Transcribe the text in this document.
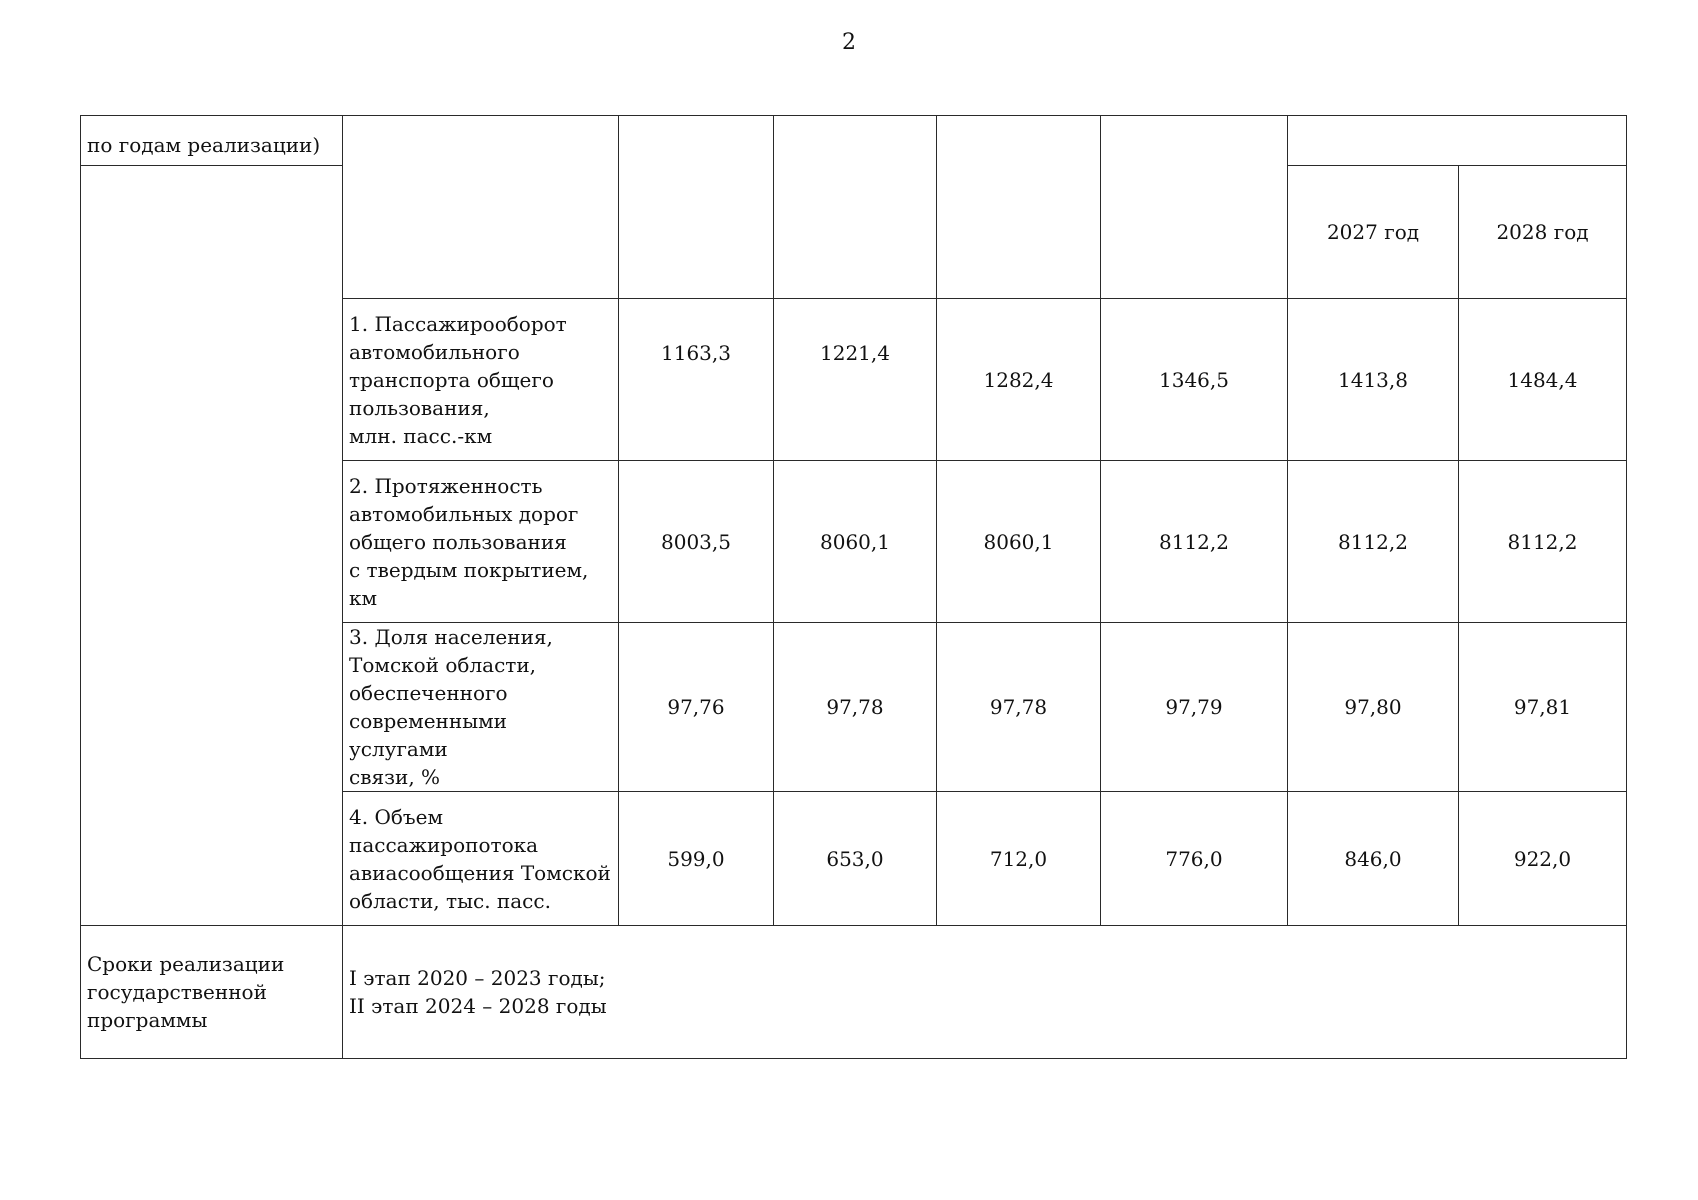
2
по годам реализации)							
						2027 год	2028 год

	1. Пассажирооборот
автомобильного
транспорта общего
пользования,
млн. пасс.-км	1163,3	1221,4	1282,4	1346,5	1413,8	1484,4

	2. Протяженность
автомобильных дорог
общего пользования
с твердым покрытием,
км	8003,5	8060,1	8060,1	8112,2	8112,2	8112,2

	3. Доля населения,
Томской области,
обеспеченного
современными услугами
связи, %	97,76	97,78	97,78	97,79	97,80	97,81

	4. Объем
пассажиропотока
авиасообщения Томской
области, тыс. пасс.	599,0	653,0	712,0	776,0	846,0	922,0

Сроки реализации
государственной
программы	I этап 2020 – 2023 годы;
II этап 2024 – 2028 годы						
